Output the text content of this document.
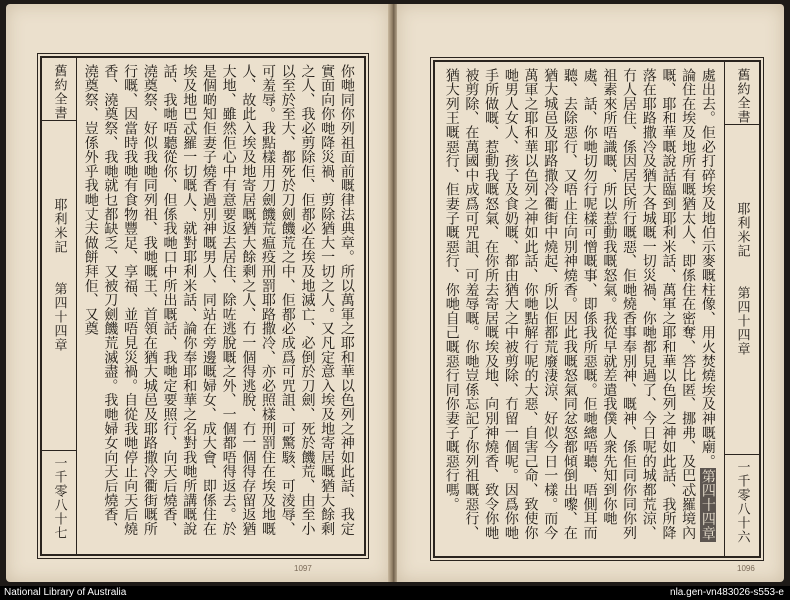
舊約全書
耶利米記
第四十四章
一千零八十七
你哋同你列祖面前嘅律法典章。所以萬軍之耶和華以色列之神如此話、我定實面向你哋降災禍、剪除猶大一切之人。又凡定意入埃及地寄居嘅猶大餘剩之人、我必剪除佢、佢都必在埃及地滅亡、必倒於刀劍、死於饑荒、由至小以至於至大、都死於刀劍饑荒之中、佢都必成爲可咒詛、可驚駭、可淩辱、可羞辱。我點樣用刀劍饑荒瘟疫刑罰耶路撒冷、亦必照樣刑罰住在埃及地嘅人、故此入埃及地寄居嘅猶大餘剩之人、冇一個得逃脫、冇一個得存留返猶大地、雖然佢心中有意要返去居住、除咗逃脫嘅之外、一個都唔得返去。於是個啲知佢妻子燒香過別神嘅男人、同站在旁邊嘅婦女、成大會、即係住在埃及地巴忒羅一切嘅人、就對耶利米話、論你奉耶和華之名對我哋所講嘅說話、我哋唔聽從你、但係我哋口中所出嘅話、我哋定要照行、向天后燒香、澆奠祭、好似我哋同列祖、我哋嘅王、首領在猶大城邑及耶路撒冷衢街嘅所行嘅、因當時我哋有食物豐足、享福、並唔見災禍。自從我哋停止向天后燒香、澆奠祭、我哋就乜都缺乏、又被刀劍饑荒滅盡。我哋婦女向天后燒香、澆奠祭、豈係外乎我哋丈夫做餅拜佢、又奠
1097
舊約全書
耶利米記
第四十四章
一千零八十六
處出去。佢必打碎埃及地伯示麥嘅柱像、用火焚燒埃及神嘅廟。第四十四章論住在埃及地所有嘅猶太人、即係住在密奪、答比匿、挪弗、及巴忒羅境內嘅、耶和華嘅說話臨到耶利米話、萬軍之耶和華以色列之神如此話、我所降落在耶路撒冷及猶大各城嘅一切災禍、你哋都見過了、今日呢的城都荒涼、冇人居住、係因居民所行嘅惡、佢哋燒香事奉別神、嘅神、係佢同你同你列祖素來所唔識嘅、所以惹動我嘅怒氣。我從早就差遣我僕人衆先知到你哋處、話、你哋切勿行呢樣可憎嘅事、即係我所惡嘅。佢哋總唔聽、唔側耳而聽、去除惡行、又唔止住向別神燒香。因此我嘅怒氣同忿怒都傾倒出嚟、在猶大城邑及耶路撒冷衢街中燒起、所以佢都荒廢淒涼、好似今日一樣。而今萬軍之耶和華以色列之神如此話、你哋點解行呢的大惡、自害己命、致使你哋男人女人、孩子及食奶嘅、都由猶大之中被剪除、冇留一個呢。因爲你哋手所做嘅、惹動我嘅怒氣、在你所去寄居嘅埃及地、向別神燒香、致令你哋被剪除、在萬國中成爲可咒詛、可羞辱嘅。你哋豈係忘記了你列祖嘅惡行、猶大列王嘅惡行、佢妻子嘅惡行、你哋自己嘅惡行同你妻子嘅惡行嗎。
1096
National Library of Australia	nla.gen-vn483026-s553-e
